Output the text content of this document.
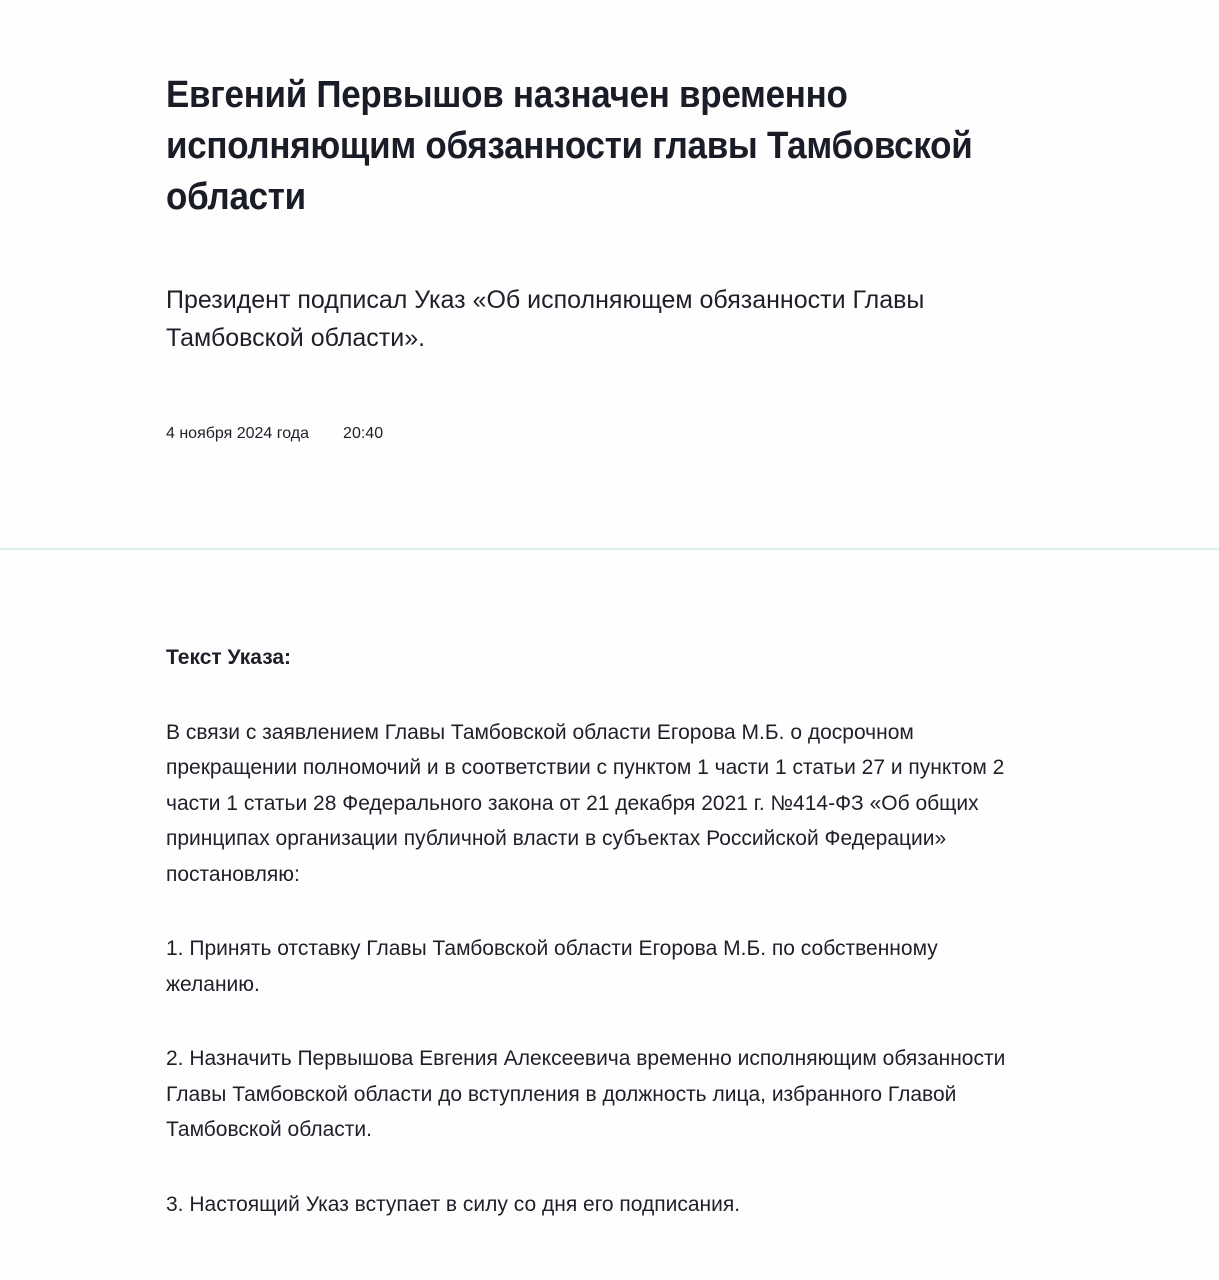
Евгений Первышов назначен временно исполняющим обязанности главы Тамбовской области

Президент подписал Указ «Об исполняющем обязанности Главы Тамбовской области».

4 ноября 2024 года 20:40

Текст Указа:

В связи с заявлением Главы Тамбовской области Егорова М.Б. о досрочном прекращении полномочий и в соответствии с пунктом 1 части 1 статьи 27 и пунктом 2 части 1 статьи 28 Федерального закона от 21 декабря 2021 г. №414-ФЗ «Об общих принципах организации публичной власти в субъектах Российской Федерации» постановляю:

1. Принять отставку Главы Тамбовской области Егорова М.Б. по собственному желанию.

2. Назначить Первышова Евгения Алексеевича временно исполняющим обязанности Главы Тамбовской области до вступления в должность лица, избранного Главой Тамбовской области.

3. Настоящий Указ вступает в силу со дня его подписания.
